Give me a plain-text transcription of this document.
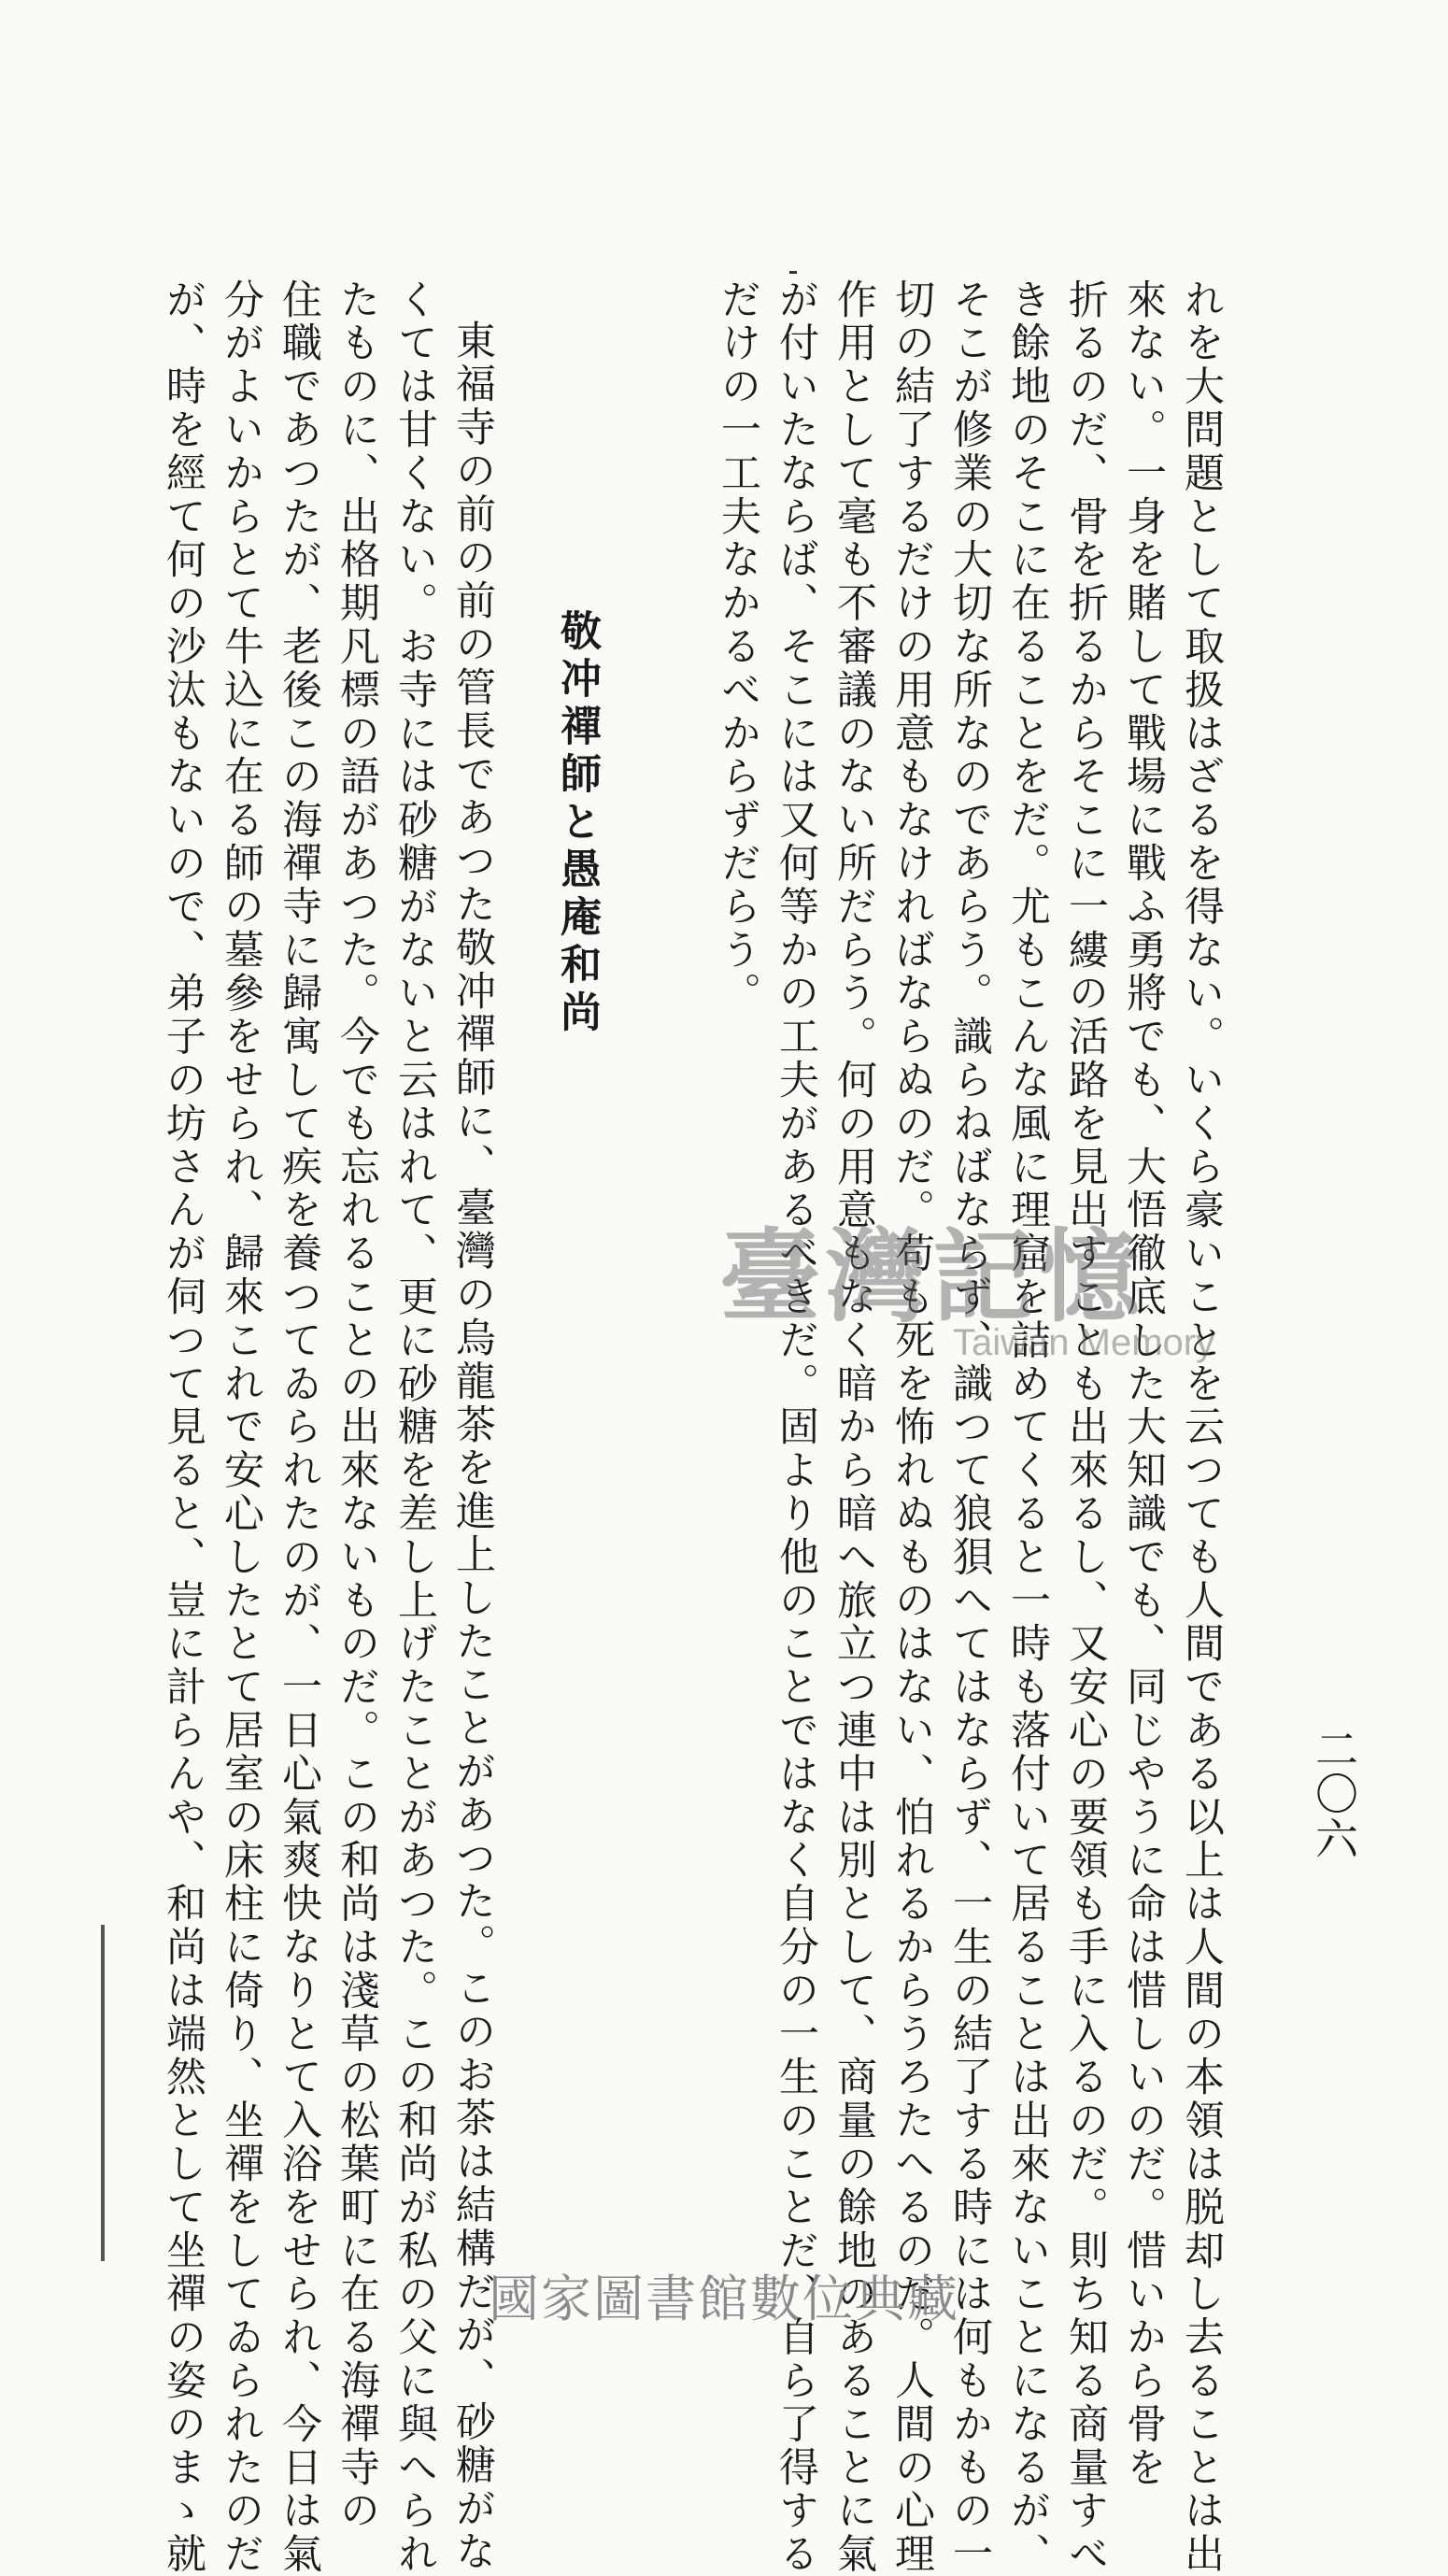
二〇六
れを大問題として取扱はざるを得ない。いくら豪いことを云つても人間である以上は人間の本領は脱却し去ることは出
來ない。一身を賭して戰場に戰ふ勇將でも、大悟徹底した大知識でも、同じやうに命は惜しいのだ。惜いから骨を
折るのだ、骨を折るからそこに一縷の活路を見出すことも出來るし、又安心の要領も手に入るのだ。則ち知る商量すべ
き餘地のそこに在ることをだ。尤もこんな風に理窟を詰めてくると一時も落付いて居ることは出來ないことになるが、
そこが修業の大切な所なのであらう。識らねばならず、識つて狼狽へてはならず、一生の結了する時には何もかもの一
切の結了するだけの用意もなければならぬのだ。苟も死を怖れぬものはない、怕れるからうろたへるのだ。人間の心理
作用として毫も不審議のない所だらう。何の用意もなく暗から暗へ旅立つ連中は別として、商量の餘地のあることに氣
が付いたならば、そこには又何等かの工夫があるべきだ。固より他のことではなく自分の一生のことだ、自ら了得する
だけの一工夫なかるべからずだらう。
敬冲禪師と愚庵和尚
東福寺の前の前の管長であつた敬冲禪師に、臺灣の烏龍茶を進上したことがあつた。このお茶は結構だが、砂糖がな
くては甘くない。お寺には砂糖がないと云はれて、更に砂糖を差し上げたことがあつた。この和尚が私の父に與へられ
たものに、出格期凡標の語があつた。今でも忘れることの出來ないものだ。この和尚は淺草の松葉町に在る海禪寺の
住職であつたが、老後この海禪寺に歸寓して疾を養つてゐられたのが、一日心氣爽快なりとて入浴をせられ、今日は氣
分がよいからとて牛込に在る師の墓參をせられ、歸來これで安心したとて居室の床柱に倚り、坐禪をしてゐられたのだ
が、時を經て何の沙汰もないので、弟子の坊さんが伺つて見ると、豈に計らんや、和尚は端然として坐禪の姿のまゝ就	臺灣記憶
Taiwan Memory
國家圖書館數位典藏
